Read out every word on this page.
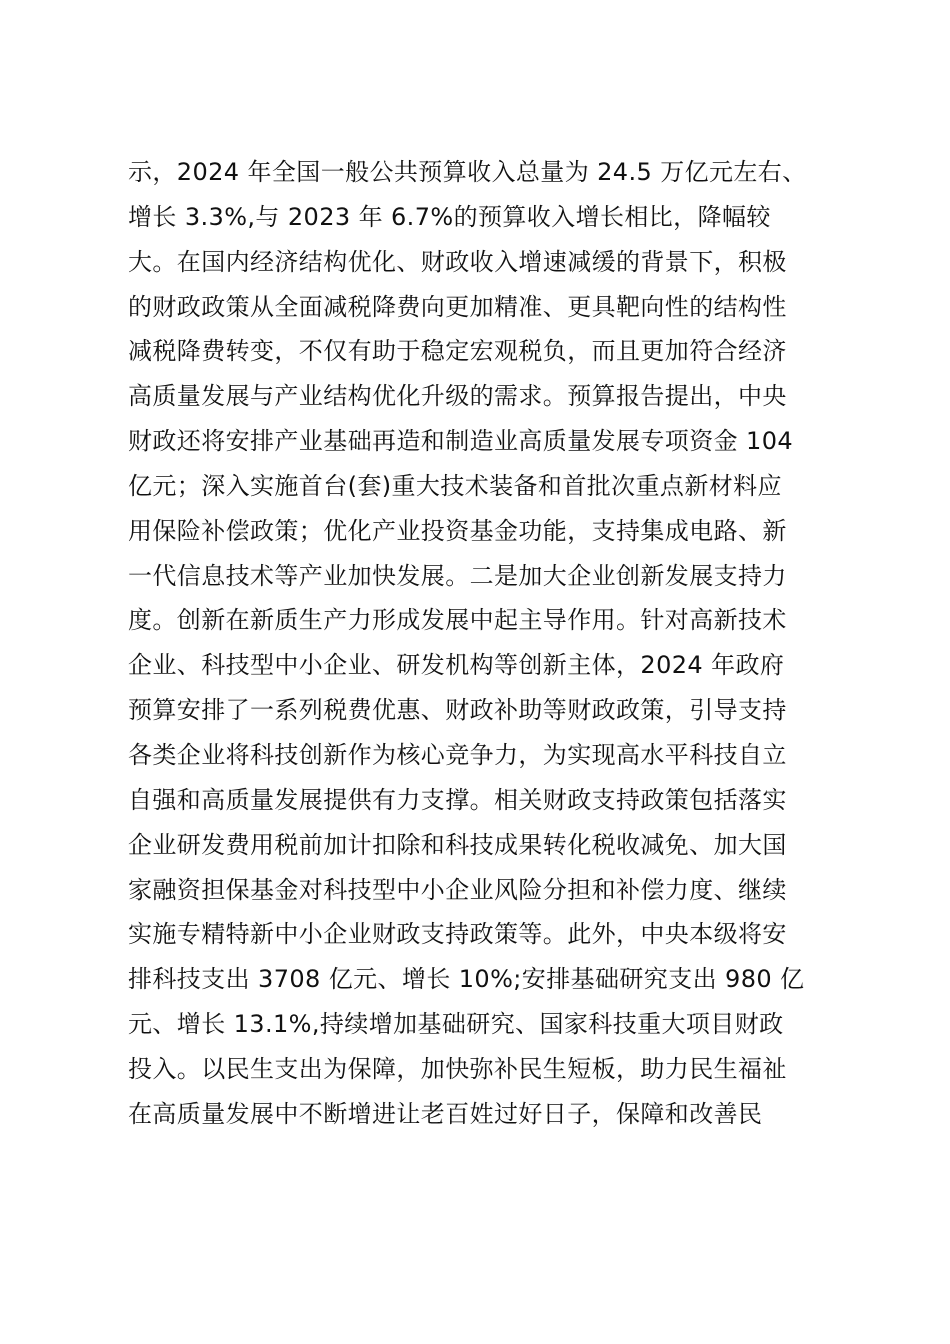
示，2024 年全国一般公共预算收入总量为 24.5 万亿元左右、
增长 3.3%,与 2023 年 6.7%的预算收入增长相比，降幅较
大。在国内经济结构优化、财政收入增速减缓的背景下，积极
的财政政策从全面减税降费向更加精准、更具靶向性的结构性
减税降费转变，不仅有助于稳定宏观税负，而且更加符合经济
高质量发展与产业结构优化升级的需求。预算报告提出，中央
财政还将安排产业基础再造和制造业高质量发展专项资金 104
亿元；深入实施首台(套)重大技术装备和首批次重点新材料应
用保险补偿政策；优化产业投资基金功能，支持集成电路、新
一代信息技术等产业加快发展。二是加大企业创新发展支持力
度。创新在新质生产力形成发展中起主导作用。针对高新技术
企业、科技型中小企业、研发机构等创新主体，2024 年政府
预算安排了一系列税费优惠、财政补助等财政政策，引导支持
各类企业将科技创新作为核心竞争力，为实现高水平科技自立
自强和高质量发展提供有力支撑。相关财政支持政策包括落实
企业研发费用税前加计扣除和科技成果转化税收减免、加大国
家融资担保基金对科技型中小企业风险分担和补偿力度、继续
实施专精特新中小企业财政支持政策等。此外，中央本级将安
排科技支出 3708 亿元、增长 10%;安排基础研究支出 980 亿
元、增长 13.1%,持续增加基础研究、国家科技重大项目财政
投入。以民生支出为保障，加快弥补民生短板，助力民生福祉
在高质量发展中不断增进让老百姓过好日子，保障和改善民
